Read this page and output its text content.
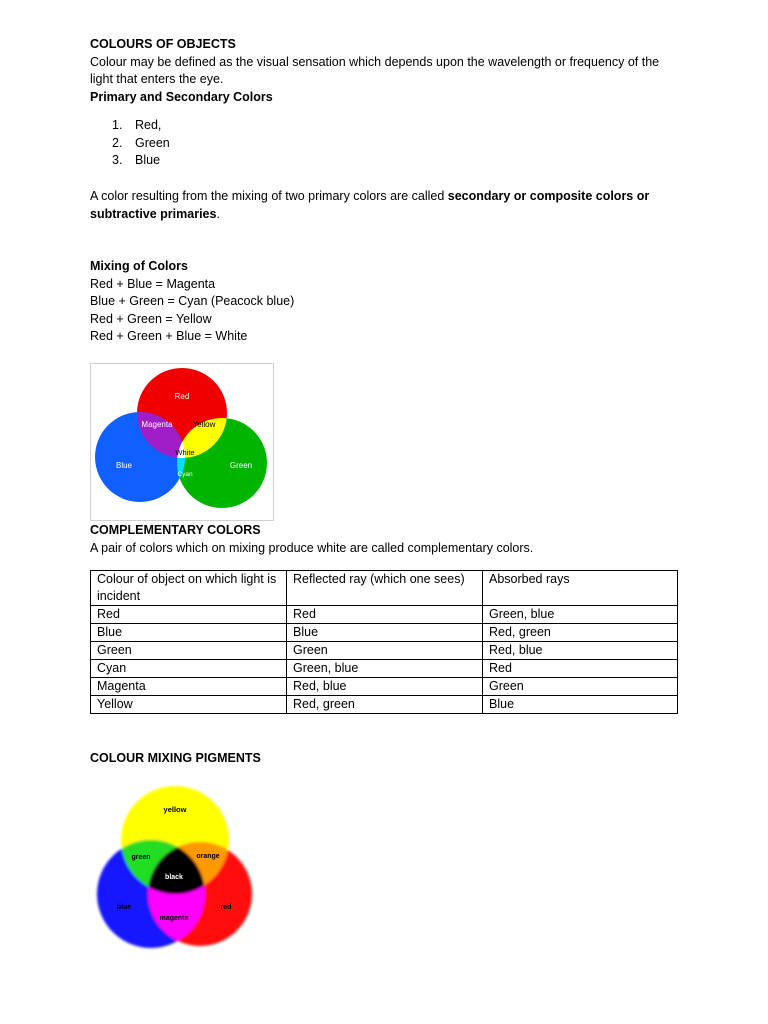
COLOURS OF OBJECTS

Colour may be defined as the visual sensation which depends upon the wavelength or frequency of the light that enters the eye.

Primary and Secondary Colors

1. Red,
2. Green
3. Blue

A color resulting from the mixing of two primary colors are called secondary or composite colors or subtractive primaries.

Mixing of Colors

Red + Blue = Magenta

Blue + Green = Cyan (Peacock blue)

Red + Green = Yellow

Red + Green + Blue = White

Red
Magenta	Yellow
White
Blue	Green
Cyan

COMPLEMENTARY COLORS

A pair of colors which on mixing produce white are called complementary colors.

Colour of object on which light is incident	Reflected ray (which one sees)	Absorbed rays
Red	Red	Green, blue
Blue	Blue	Red, green
Green	Green	Red, blue
Cyan	Green, blue	Red
Magenta	Red, blue	Green
Yellow	Red, green	Blue

COLOUR MIXING PIGMENTS

yellow
green	orange
black
blue	red
magenta
